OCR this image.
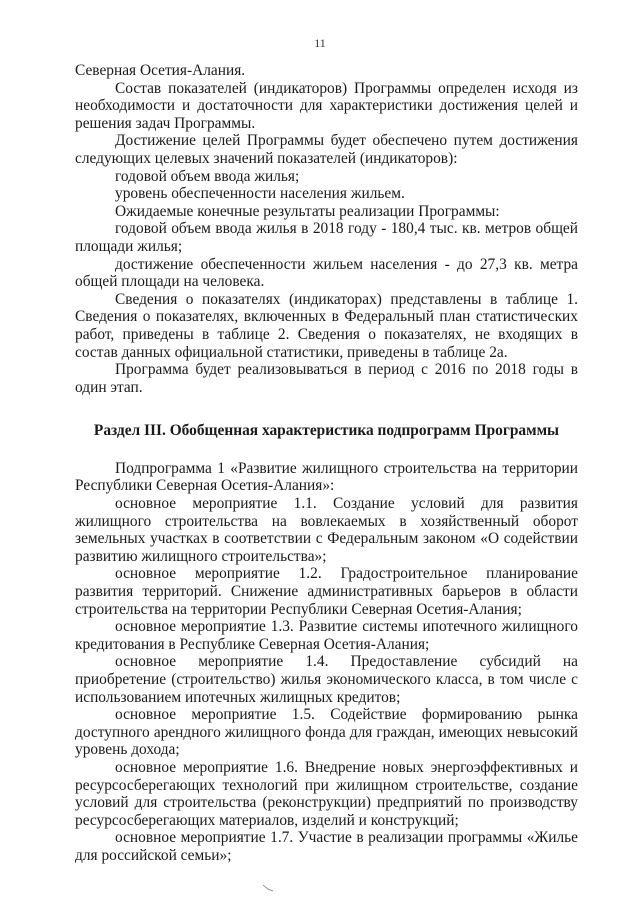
11

Северная Осетия-Алания.

Состав показателей (индикаторов) Программы определен исходя из необходимости и достаточности для характеристики достижения целей и решения задач Программы.

Достижение целей Программы будет обеспечено путем достижения следующих целевых значений показателей (индикаторов):

годовой объем ввода жилья;

уровень обеспеченности населения жильем.

Ожидаемые конечные результаты реализации Программы:

годовой объем ввода жилья в 2018 году - 180,4 тыс. кв. метров общей площади жилья;

достижение обеспеченности жильем населения - до 27,3 кв. метра общей площади на человека.

Сведения о показателях (индикаторах) представлены в таблице 1. Сведения о показателях, включенных в Федеральный план статистических работ, приведены в таблице 2. Сведения о показателях, не входящих в состав данных официальной статистики, приведены в таблице 2а.

Программа будет реализовываться в период с 2016 по 2018 годы в один этап.

Раздел III. Обобщенная характеристика подпрограмм Программы

Подпрограмма 1 «Развитие жилищного строительства на территории Республики Северная Осетия-Алания»:

основное мероприятие 1.1. Создание условий для развития жилищного строительства на вовлекаемых в хозяйственный оборот земельных участках в соответствии с Федеральным законом «О содействии развитию жилищного строительства»;

основное мероприятие 1.2. Градостроительное планирование развития территорий. Снижение административных барьеров в области строительства на территории Республики Северная Осетия-Алания;

основное мероприятие 1.3. Развитие системы ипотечного жилищного кредитования в Республике Северная Осетия-Алания;

основное мероприятие 1.4. Предоставление субсидий на приобретение (строительство) жилья экономического класса, в том числе с использованием ипотечных жилищных кредитов;

основное мероприятие 1.5. Содействие формированию рынка доступного арендного жилищного фонда для граждан, имеющих невысокий уровень дохода;

основное мероприятие 1.6. Внедрение новых энергоэффективных и ресурсосберегающих технологий при жилищном строительстве, создание условий для строительства (реконструкции) предприятий по производству ресурсосберегающих материалов, изделий и конструкций;

основное мероприятие 1.7. Участие в реализации программы «Жилье для российской семьи»;
